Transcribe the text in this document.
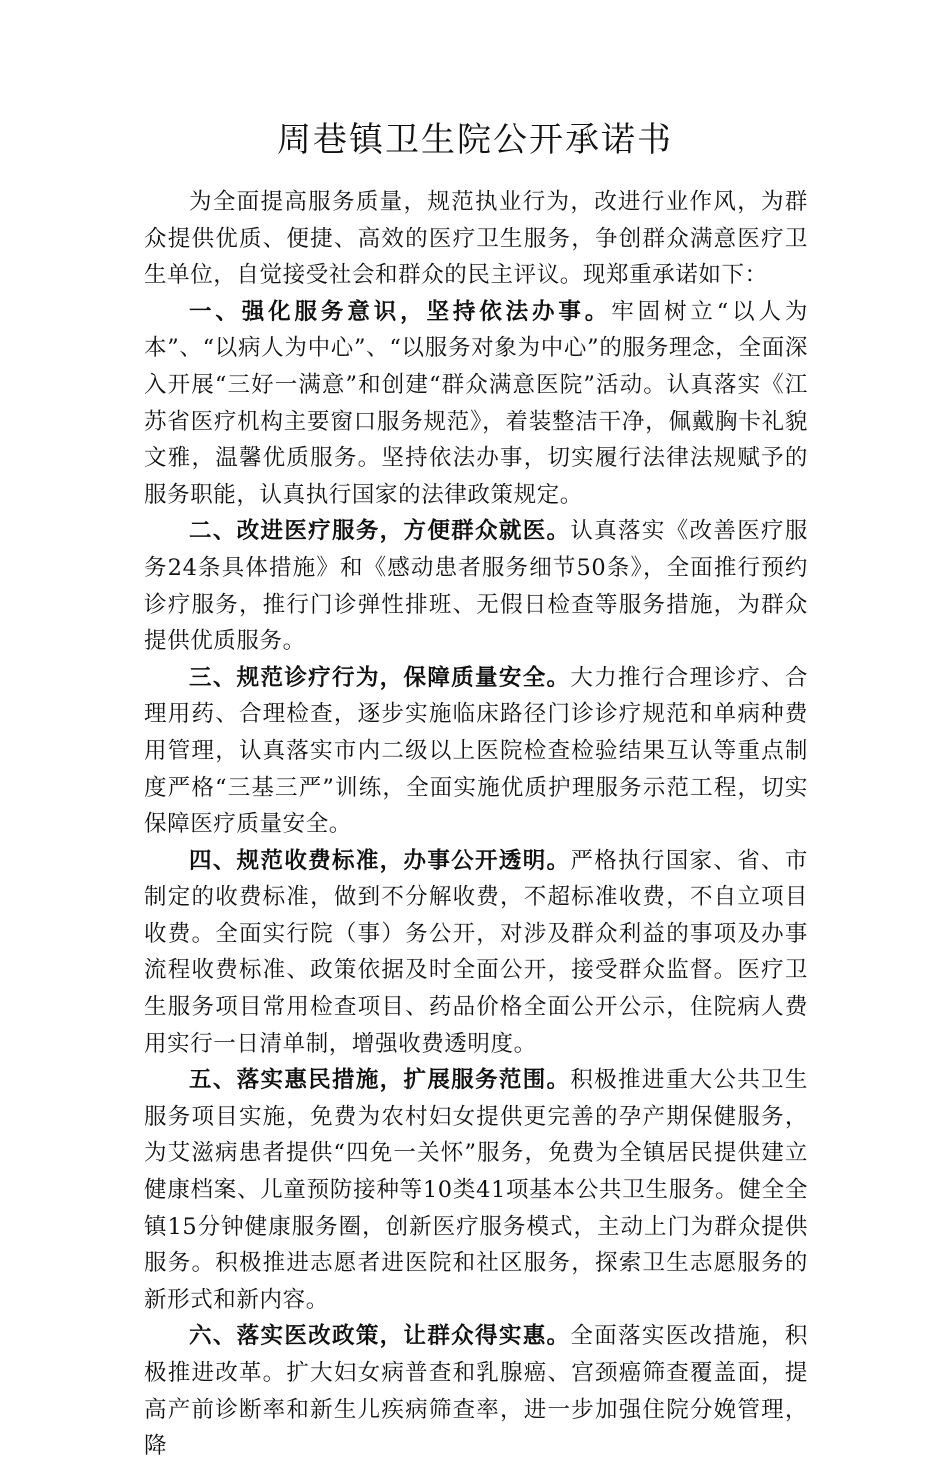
周巷镇卫生院公开承诺书

为全面提高服务质量，规范执业行为，改进行业作风，为群众提供优质、便捷、高效的医疗卫生服务，争创群众满意医疗卫生单位，自觉接受社会和群众的民主评议。现郑重承诺如下：

一、强化服务意识，坚持依法办事。牢固树立“以人为本”、“以病人为中心”、“以服务对象为中心”的服务理念，全面深入开展“三好一满意”和创建“群众满意医院”活动。认真落实《江苏省医疗机构主要窗口服务规范》，着装整洁干净，佩戴胸卡礼貌文雅，温馨优质服务。坚持依法办事，切实履行法律法规赋予的服务职能，认真执行国家的法律政策规定。

二、改进医疗服务，方便群众就医。认真落实《改善医疗服务24条具体措施》和《感动患者服务细节50条》，全面推行预约诊疗服务，推行门诊弹性排班、无假日检查等服务措施，为群众提供优质服务。

三、规范诊疗行为，保障质量安全。大力推行合理诊疗、合理用药、合理检查，逐步实施临床路径门诊诊疗规范和单病种费用管理，认真落实市内二级以上医院检查检验结果互认等重点制度严格“三基三严”训练，全面实施优质护理服务示范工程，切实保障医疗质量安全。

四、规范收费标准，办事公开透明。严格执行国家、省、市制定的收费标准，做到不分解收费，不超标准收费，不自立项目收费。全面实行院（事）务公开，对涉及群众利益的事项及办事流程收费标准、政策依据及时全面公开，接受群众监督。医疗卫生服务项目常用检查项目、药品价格全面公开公示，住院病人费用实行一日清单制，增强收费透明度。

五、落实惠民措施，扩展服务范围。积极推进重大公共卫生服务项目实施，免费为农村妇女提供更完善的孕产期保健服务，为艾滋病患者提供“四免一关怀”服务，免费为全镇居民提供建立健康档案、儿童预防接种等10类41项基本公共卫生服务。健全全镇15分钟健康服务圈，创新医疗服务模式，主动上门为群众提供服务。积极推进志愿者进医院和社区服务，探索卫生志愿服务的新形式和新内容。

六、落实医改政策，让群众得实惠。全面落实医改措施，积极推进改革。扩大妇女病普查和乳腺癌、宫颈癌筛查覆盖面，提高产前诊断率和新生儿疾病筛查率，进一步加强住院分娩管理，降
